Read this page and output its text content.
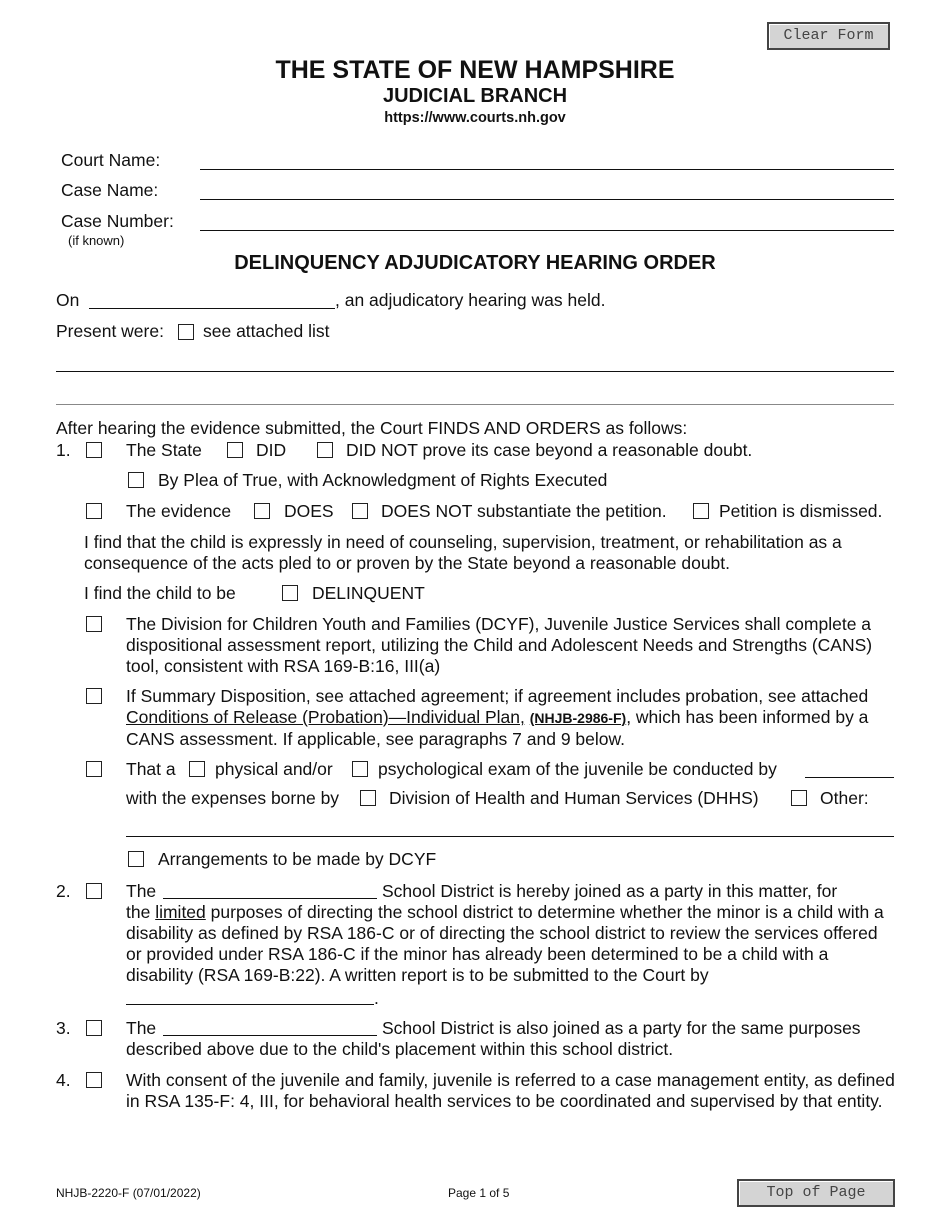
Clear Form
THE STATE OF NEW HAMPSHIRE
JUDICIAL BRANCH
https://www.courts.nh.gov
Court Name:
Case Name:
Case Number:
(if known)
DELINQUENCY ADJUDICATORY HEARING ORDER
On	, an adjudicatory hearing was held.
Present were: see attached list
After hearing the evidence submitted, the Court FINDS AND ORDERS as follows:
1.	The State	DID	DID NOT prove its case beyond a reasonable doubt.
By Plea of True, with Acknowledgment of Rights Executed
The evidence	DOES	DOES NOT substantiate the petition.	Petition is dismissed.
I find that the child is expressly in need of counseling, supervision, treatment, or rehabilitation as a consequence of the acts pled to or proven by the State beyond a reasonable doubt.
I find the child to be	DELINQUENT
The Division for Children Youth and Families (DCYF), Juvenile Justice Services shall complete a dispositional assessment report, utilizing the Child and Adolescent Needs and Strengths (CANS) tool, consistent with RSA 169-B:16, III(a)
If Summary Disposition, see attached agreement; if agreement includes probation, see attached Conditions of Release (Probation)—Individual Plan, (NHJB-2986-F), which has been informed by a CANS assessment. If applicable, see paragraphs 7 and 9 below.
That a physical and/or	psychological exam of the juvenile be conducted by
with the expenses borne by	Division of Health and Human Services (DHHS)	Other:
Arrangements to be made by DCYF
2.	The	School District is hereby joined as a party in this matter, for
the limited purposes of directing the school district to determine whether the minor is a child with a disability as defined by RSA 186-C or of directing the school district to review the services offered or provided under RSA 186-C if the minor has already been determined to be a child with a disability (RSA 169-B:22). A written report is to be submitted to the Court by
.
3.	The	School District is also joined as a party for the same purposes
described above due to the child's placement within this school district.
4.	With consent of the juvenile and family, juvenile is referred to a case management entity, as defined in RSA 135-F: 4, III, for behavioral health services to be coordinated and supervised by that entity.
NHJB-2220-F (07/01/2022)	Page 1 of 5	Top of Page
